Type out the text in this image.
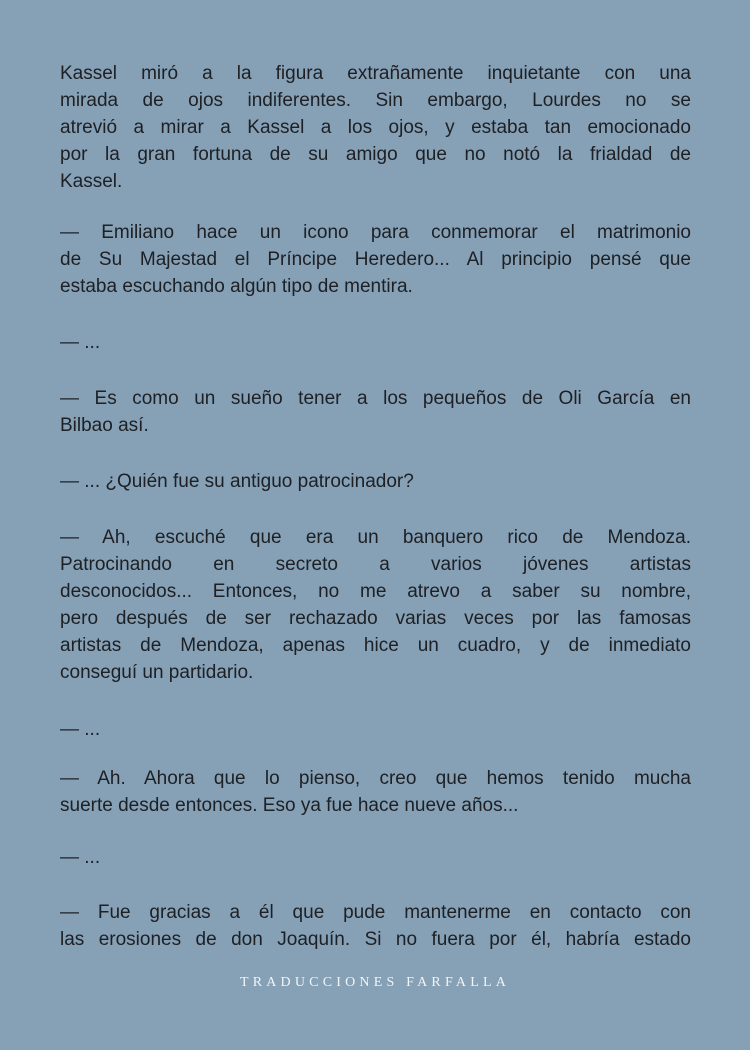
Kassel miró a la figura extrañamente inquietante con una
mirada de ojos indiferentes. Sin embargo, Lourdes no se
atrevió a mirar a Kassel a los ojos, y estaba tan emocionado
por la gran fortuna de su amigo que no notó la frialdad de
Kassel.
— Emiliano hace un icono para conmemorar el matrimonio
de Su Majestad el Príncipe Heredero... Al principio pensé que
estaba escuchando algún tipo de mentira.
— ...
— Es como un sueño tener a los pequeños de Oli García en
Bilbao así.
— ... ¿Quién fue su antiguo patrocinador?
— Ah, escuché que era un banquero rico de Mendoza.
Patrocinando en secreto a varios jóvenes artistas
desconocidos... Entonces, no me atrevo a saber su nombre,
pero después de ser rechazado varias veces por las famosas
artistas de Mendoza, apenas hice un cuadro, y de inmediato
conseguí un partidario.
— ...
— Ah. Ahora que lo pienso, creo que hemos tenido mucha
suerte desde entonces. Eso ya fue hace nueve años...
— ...
— Fue gracias a él que pude mantenerme en contacto con
las erosiones de don Joaquín. Si no fuera por él, habría estado
TRADUCCIONES FARFALLA
